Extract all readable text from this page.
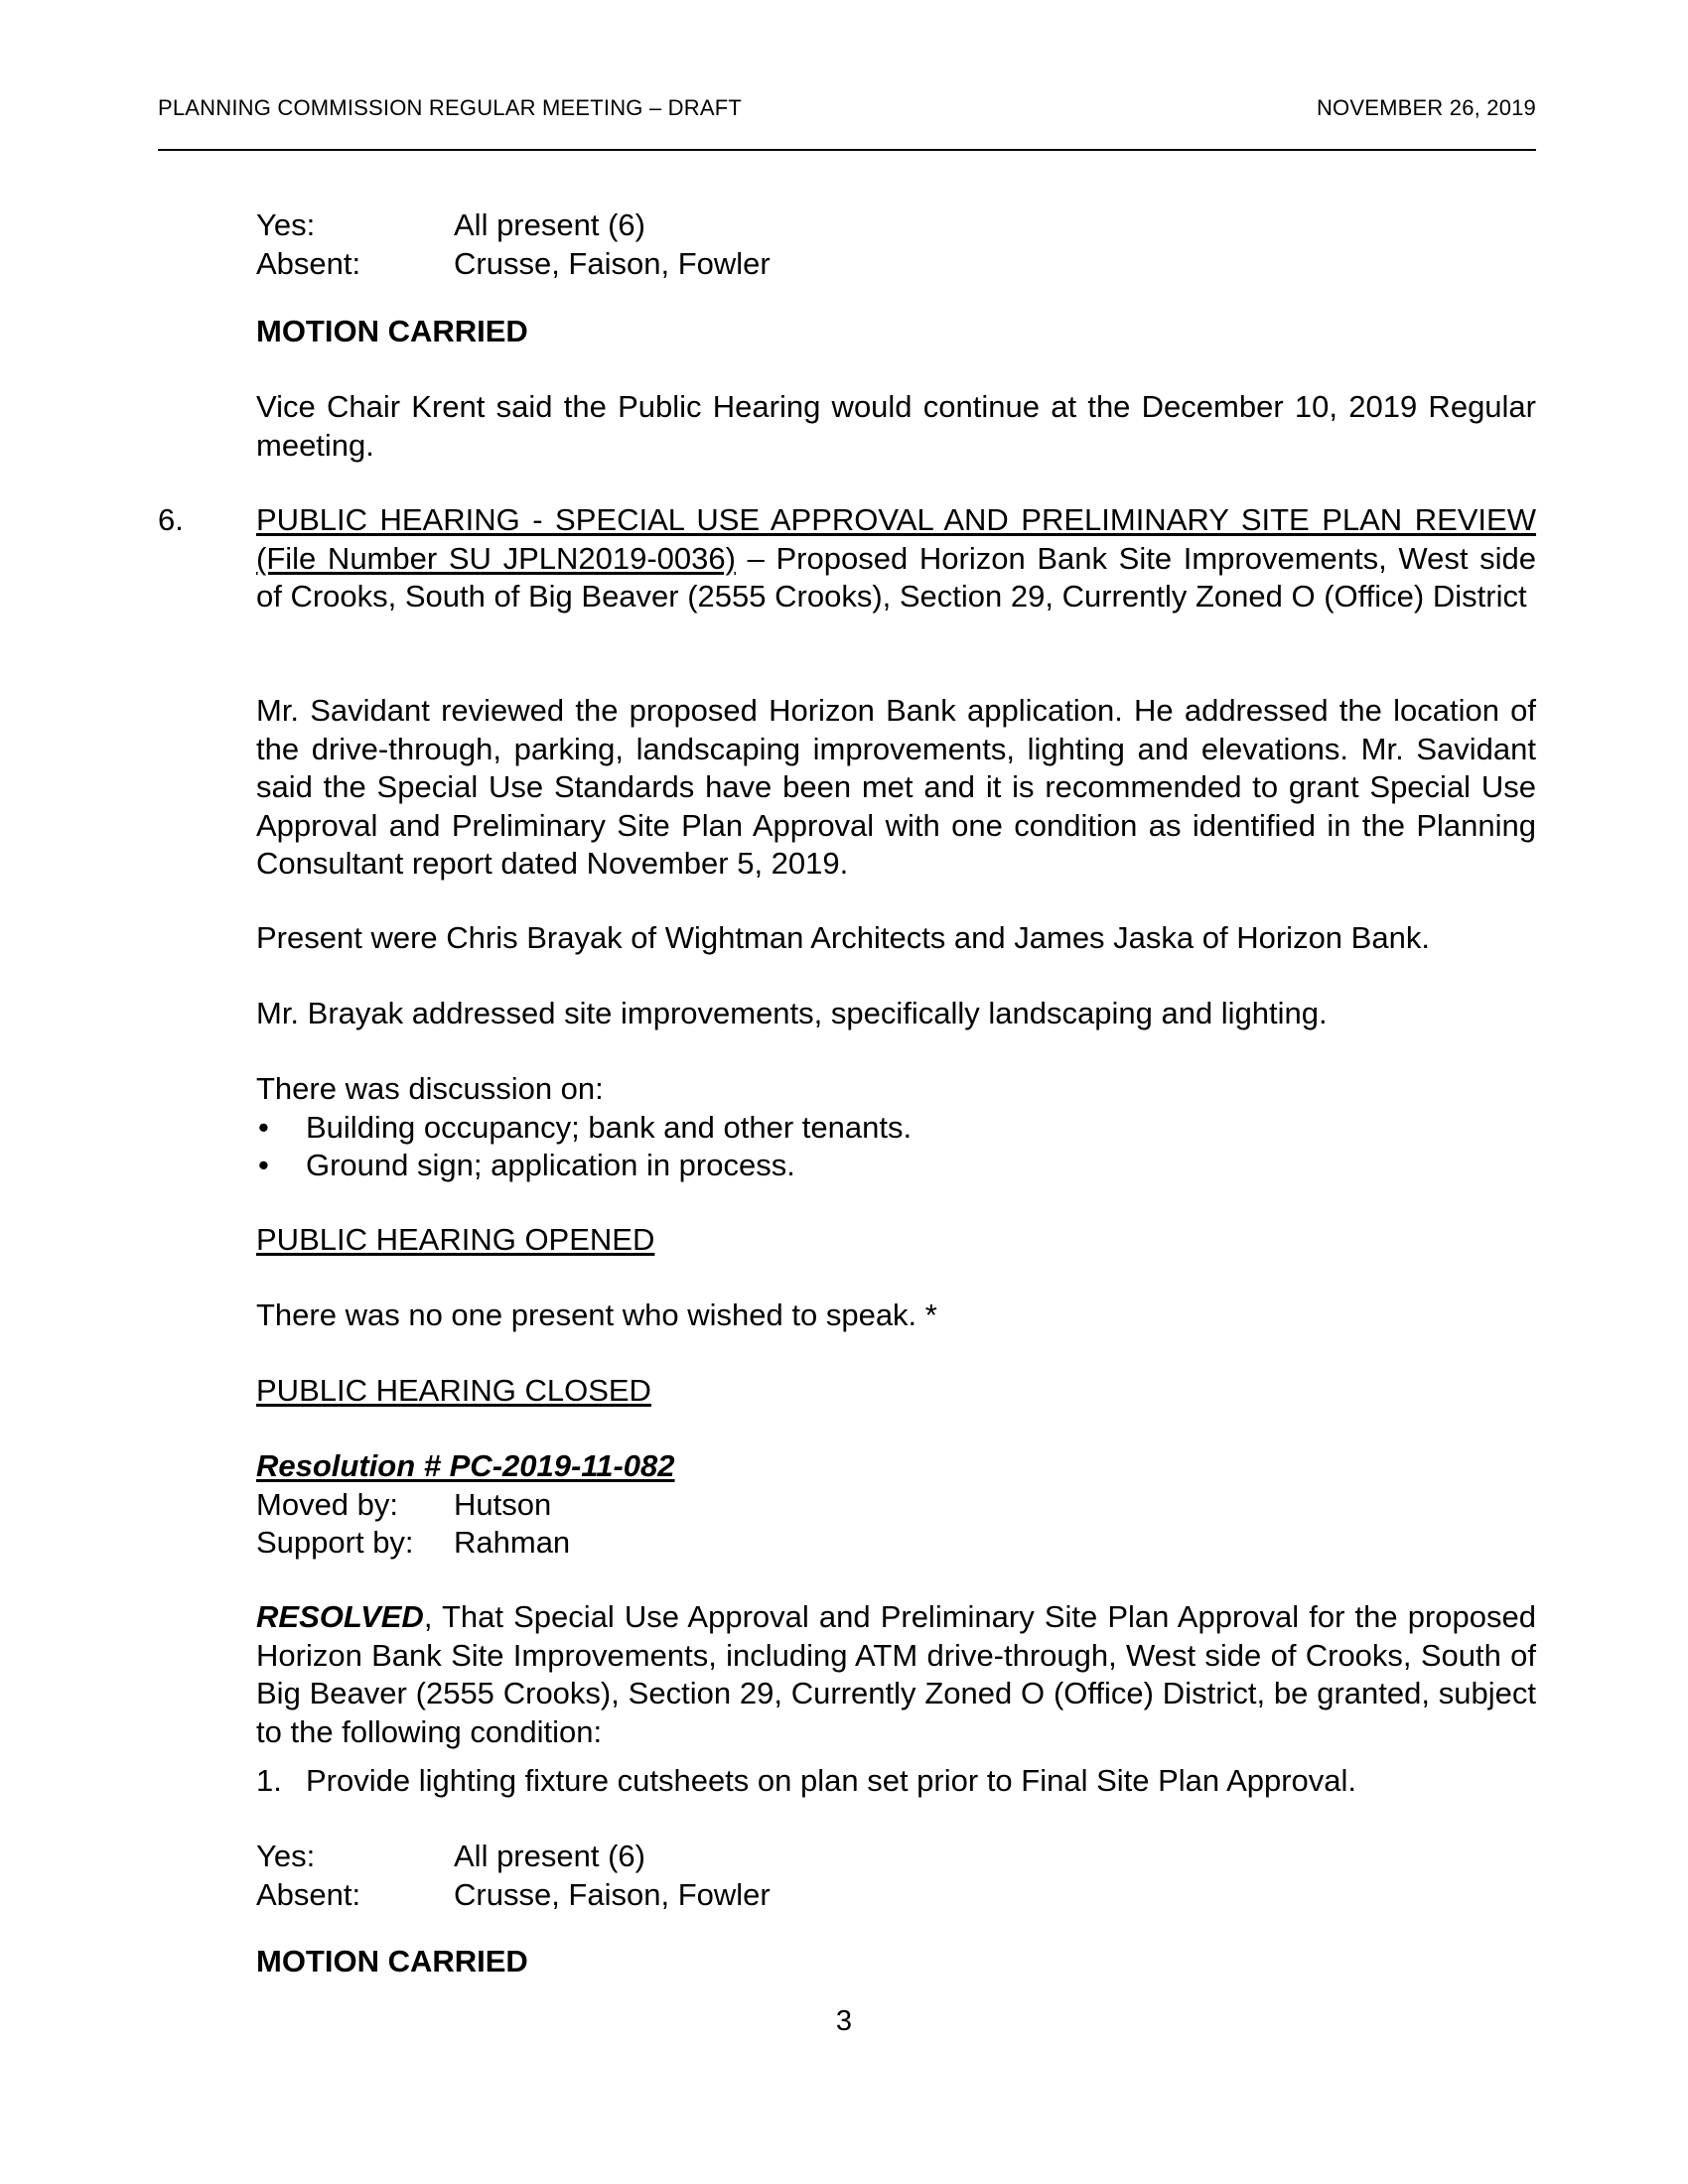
PLANNING COMMISSION REGULAR MEETING – DRAFT	NOVEMBER 26, 2019
Yes:	All present (6)
Absent:	Crusse, Faison, Fowler
MOTION CARRIED
Vice Chair Krent said the Public Hearing would continue at the December 10, 2019 Regular meeting.
6. PUBLIC HEARING - SPECIAL USE APPROVAL AND PRELIMINARY SITE PLAN REVIEW (File Number SU JPLN2019-0036) – Proposed Horizon Bank Site Improvements, West side of Crooks, South of Big Beaver (2555 Crooks), Section 29, Currently Zoned O (Office) District
Mr. Savidant reviewed the proposed Horizon Bank application. He addressed the location of the drive-through, parking, landscaping improvements, lighting and elevations. Mr. Savidant said the Special Use Standards have been met and it is recommended to grant Special Use Approval and Preliminary Site Plan Approval with one condition as identified in the Planning Consultant report dated November 5, 2019.
Present were Chris Brayak of Wightman Architects and James Jaska of Horizon Bank.
Mr. Brayak addressed site improvements, specifically landscaping and lighting.
There was discussion on:
• Building occupancy; bank and other tenants.
• Ground sign; application in process.
PUBLIC HEARING OPENED
There was no one present who wished to speak. *
PUBLIC HEARING CLOSED
Resolution # PC-2019-11-082
Moved by:	Hutson
Support by:	Rahman
RESOLVED, That Special Use Approval and Preliminary Site Plan Approval for the proposed Horizon Bank Site Improvements, including ATM drive-through, West side of Crooks, South of Big Beaver (2555 Crooks), Section 29, Currently Zoned O (Office) District, be granted, subject to the following condition:
1. Provide lighting fixture cutsheets on plan set prior to Final Site Plan Approval.
Yes:	All present (6)
Absent:	Crusse, Faison, Fowler
MOTION CARRIED
3
